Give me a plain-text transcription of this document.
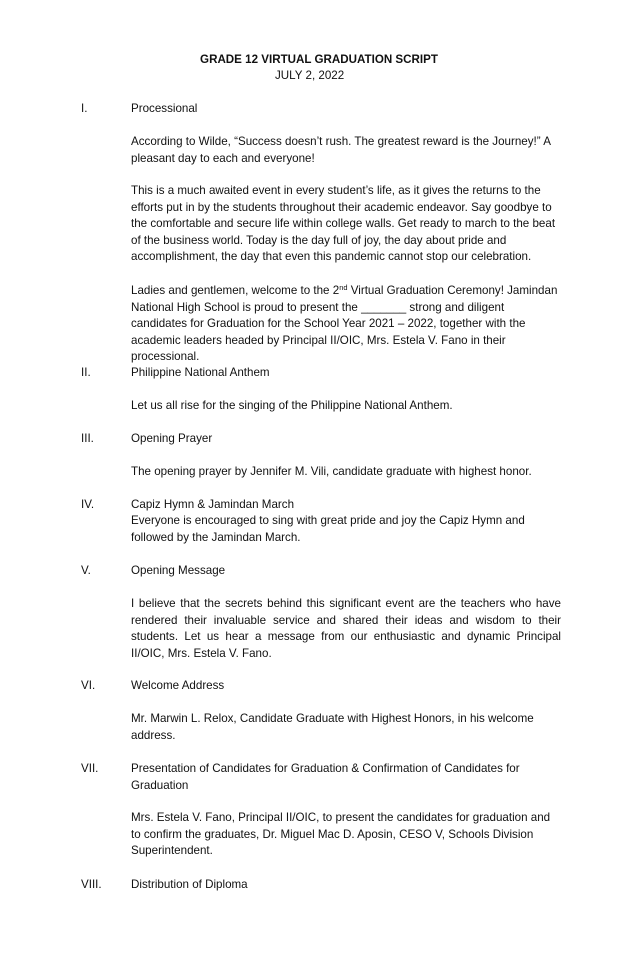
GRADE 12 VIRTUAL GRADUATION SCRIPT
JULY 2, 2022
I.	Processional

According to Wilde, “Success doesn’t rush. The greatest reward is the Journey!” A pleasant day to each and everyone!

This is a much awaited event in every student’s life, as it gives the returns to the efforts put in by the students throughout their academic endeavor. Say goodbye to the comfortable and secure life within college walls. Get ready to march to the beat of the business world. Today is the day full of joy, the day about pride and accomplishment, the day that even this pandemic cannot stop our celebration.

Ladies and gentlemen, welcome to the 2nd Virtual Graduation Ceremony! Jamindan National High School is proud to present the _______ strong and diligent candidates for Graduation for the School Year 2021 – 2022, together with the academic leaders headed by Principal II/OIC, Mrs. Estela V. Fano in their processional.

II.	Philippine National Anthem

Let us all rise for the singing of the Philippine National Anthem.

III.	Opening Prayer

The opening prayer by Jennifer M. Vili, candidate graduate with highest honor.

IV.	Capiz Hymn & Jamindan March

Everyone is encouraged to sing with great pride and joy the Capiz Hymn and followed by the Jamindan March.

V.	Opening Message

I believe that the secrets behind this significant event are the teachers who have rendered their invaluable service and shared their ideas and wisdom to their students. Let us hear a message from our enthusiastic and dynamic Principal II/OIC, Mrs. Estela V. Fano.

VI.	Welcome Address

Mr. Marwin L. Relox, Candidate Graduate with Highest Honors, in his welcome address.

VII.	Presentation of Candidates for Graduation & Confirmation of Candidates for Graduation

Mrs. Estela V. Fano, Principal II/OIC, to present the candidates for graduation and to confirm the graduates, Dr. Miguel Mac D. Aposin, CESO V, Schools Division Superintendent.

VIII.	Distribution of Diploma
